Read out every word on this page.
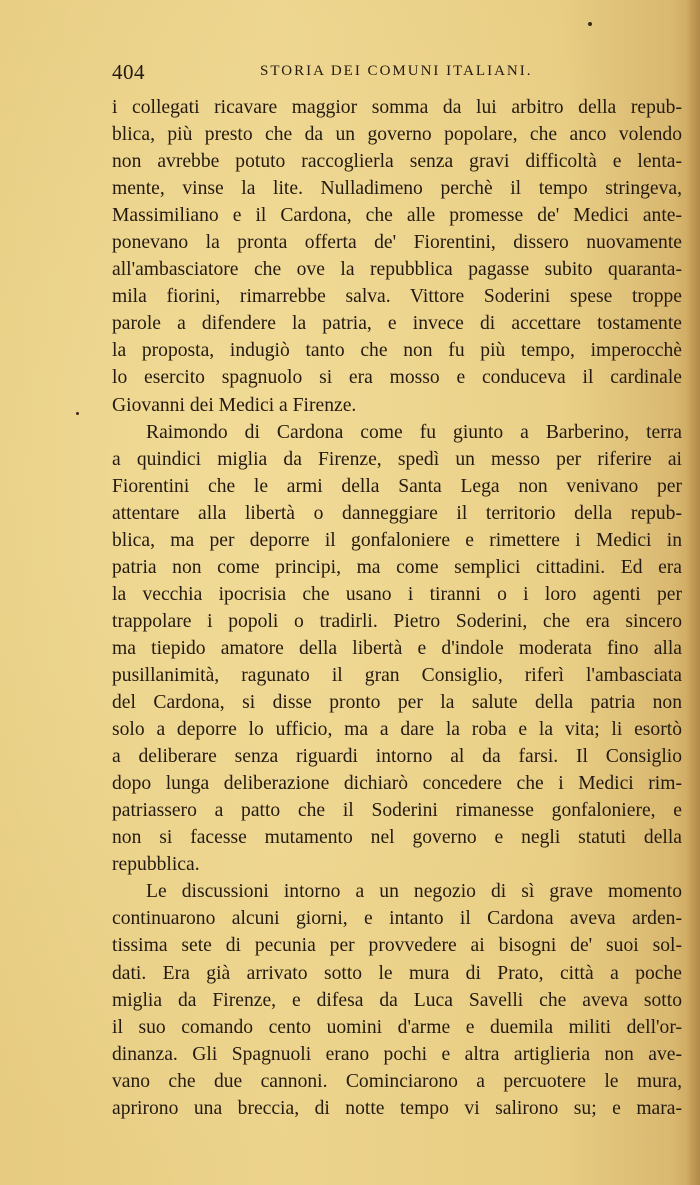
404	STORIA DEI COMUNI ITALIANI.
i collegati ricavare maggior somma da lui arbitro della repub-
blica, più presto che da un governo popolare, che anco volendo
non avrebbe potuto raccoglierla senza gravi difficoltà e lenta-
mente, vinse la lite. Nulladimeno perchè il tempo stringeva,
Massimiliano e il Cardona, che alle promesse de' Medici ante-
ponevano la pronta offerta de' Fiorentini, dissero nuovamente
all'ambasciatore che ove la repubblica pagasse subito quaranta-
mila fiorini, rimarrebbe salva. Vittore Soderini spese troppe
parole a difendere la patria, e invece di accettare tostamente
la proposta, indugiò tanto che non fu più tempo, imperocchè
lo esercito spagnuolo si era mosso e conduceva il cardinale
Giovanni dei Medici a Firenze.
Raimondo di Cardona come fu giunto a Barberino, terra
a quindici miglia da Firenze, spedì un messo per riferire ai
Fiorentini che le armi della Santa Lega non venivano per
attentare alla libertà o danneggiare il territorio della repub-
blica, ma per deporre il gonfaloniere e rimettere i Medici in
patria non come principi, ma come semplici cittadini. Ed era
la vecchia ipocrisia che usano i tiranni o i loro agenti per
trappolare i popoli o tradirli. Pietro Soderini, che era sincero
ma tiepido amatore della libertà e d'indole moderata fino alla
pusillanimità, ragunato il gran Consiglio, riferì l'ambasciata
del Cardona, si disse pronto per la salute della patria non
solo a deporre lo ufficio, ma a dare la roba e la vita; li esortò
a deliberare senza riguardi intorno al da farsi. Il Consiglio
dopo lunga deliberazione dichiarò concedere che i Medici rim-
patriassero a patto che il Soderini rimanesse gonfaloniere, e
non si facesse mutamento nel governo e negli statuti della
repubblica.
Le discussioni intorno a un negozio di sì grave momento
continuarono alcuni giorni, e intanto il Cardona aveva arden-
tissima sete di pecunia per provvedere ai bisogni de' suoi sol-
dati. Era già arrivato sotto le mura di Prato, città a poche
miglia da Firenze, e difesa da Luca Savelli che aveva sotto
il suo comando cento uomini d'arme e duemila militi dell'or-
dinanza. Gli Spagnuoli erano pochi e altra artiglieria non ave-
vano che due cannoni. Cominciarono a percuotere le mura,
aprirono una breccia, di notte tempo vi salirono su; e mara-
